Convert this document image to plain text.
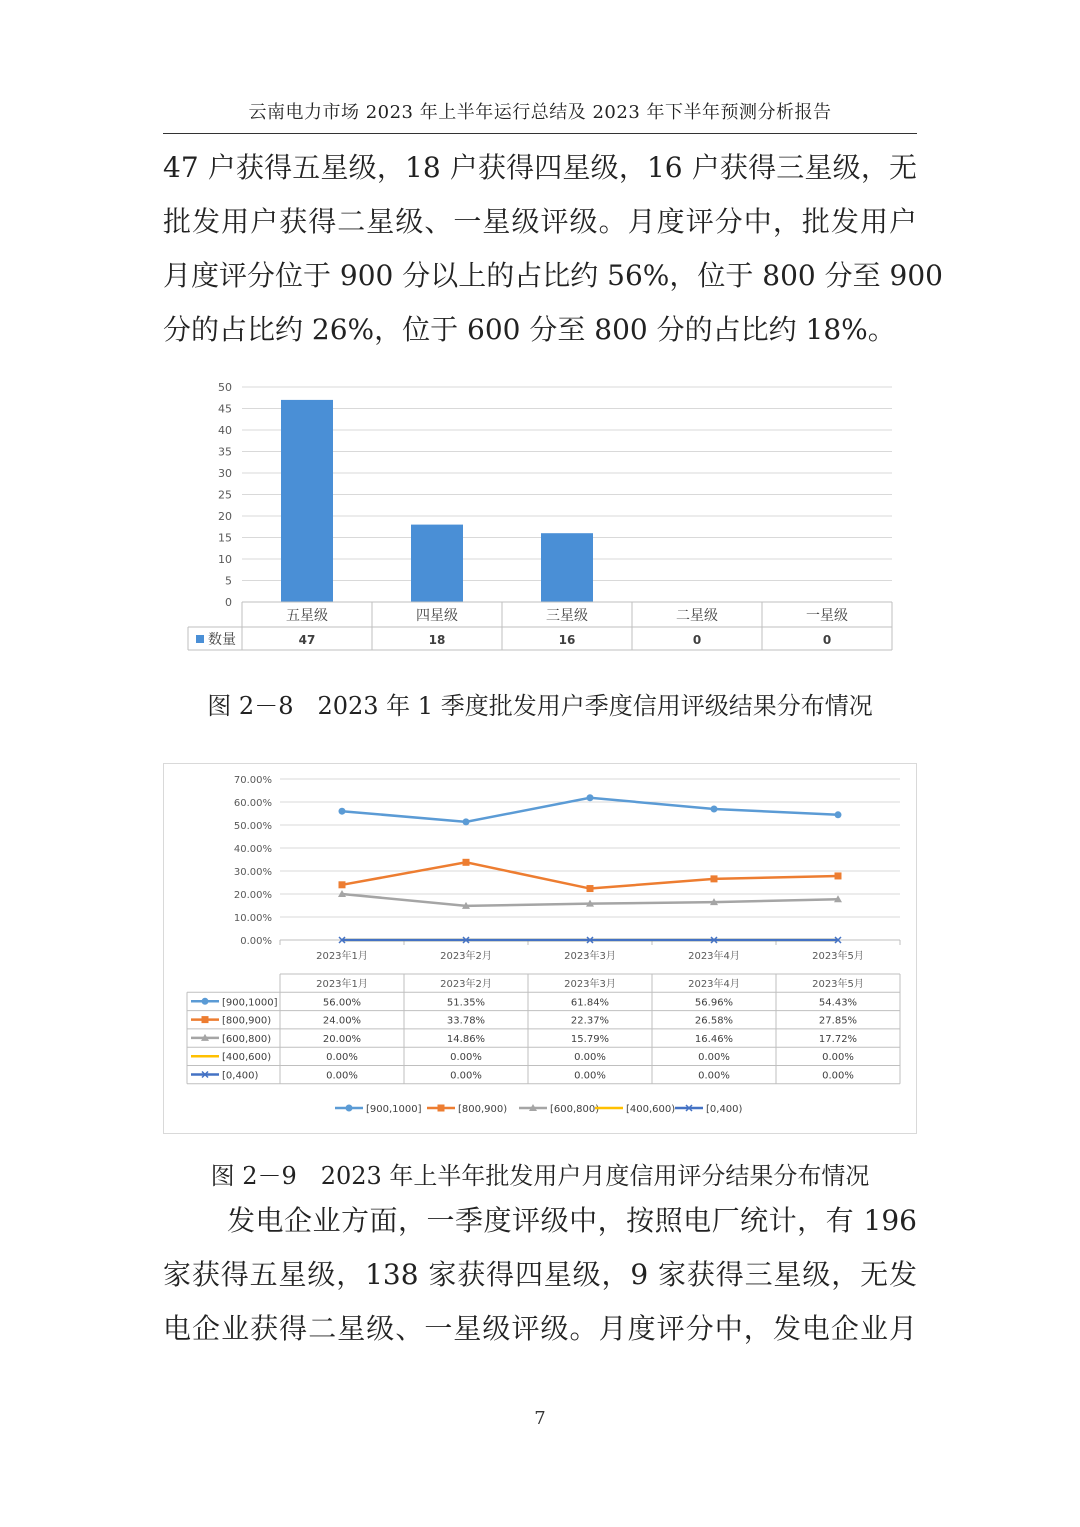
云南电力市场 2023 年上半年运行总结及 2023 年下半年预测分析报告
47 户获得五星级，18 户获得四星级，16 户获得三星级，无
批发用户获得二星级、一星级评级。月度评分中，批发用户
月度评分位于 900 分以上的占比约 56%，位于 800 分至 900
分的占比约 26%，位于 600 分至 800 分的占比约 18%。
0
5
10
15
20
25
30
35
40
45
50
五星级	四星级	三星级	二星级	一星级
数量	47	18	16	0	0
图 2－8　2023 年 1 季度批发用户季度信用评级结果分布情况
0.00%
10.00%
20.00%
30.00%
40.00%
50.00%
60.00%
70.00%
2023年1月	2023年2月	2023年3月	2023年4月	2023年5月
2023年1月	2023年2月	2023年3月	2023年4月	2023年5月
[900,1000]	56.00%	51.35%	61.84%	56.96%	54.43%
[800,900)	24.00%	33.78%	22.37%	26.58%	27.85%
[600,800)	20.00%	14.86%	15.79%	16.46%	17.72%
[400,600)	0.00%	0.00%	0.00%	0.00%	0.00%
[0,400)	0.00%	0.00%	0.00%	0.00%	0.00%
[900,1000]	[800,900)	[600,800)	[400,600)	[0,400)
图 2－9　2023 年上半年批发用户月度信用评分结果分布情况
发电企业方面，一季度评级中，按照电厂统计，有 196
家获得五星级，138 家获得四星级，9 家获得三星级，无发
电企业获得二星级、一星级评级。月度评分中，发电企业月
7
